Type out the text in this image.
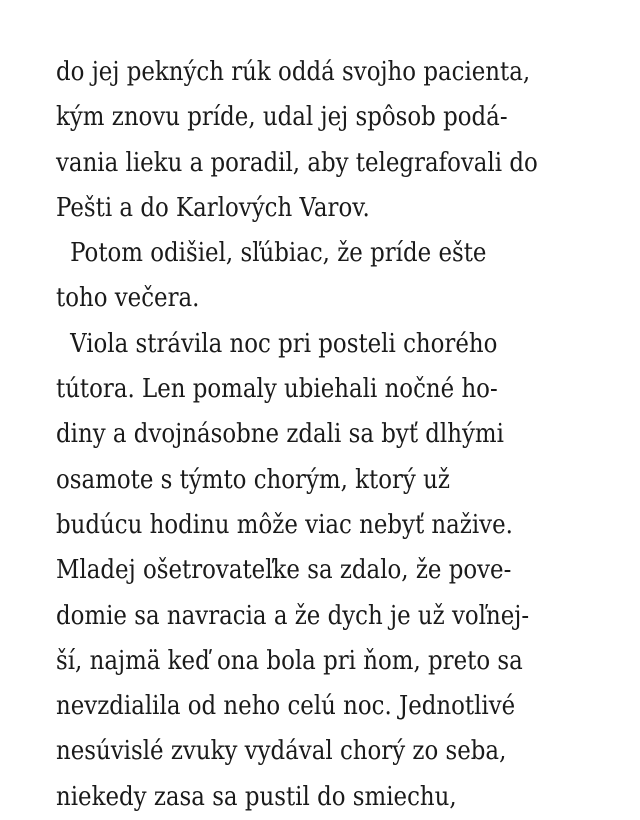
do jej pekných rúk oddá svojho pacienta,
kým znovu príde, udal jej spôsob podá-
vania lieku a poradil, aby telegrafovali do
Pešti a do Karlových Varov.
Potom odišiel, sľúbiac, že príde ešte
toho večera.
Viola strávila noc pri posteli chorého
tútora. Len pomaly ubiehali nočné ho-
diny a dvojnásobne zdali sa byť dlhými
osamote s týmto chorým, ktorý už
budúcu hodinu môže viac nebyť nažive.
Mladej ošetrovateľke sa zdalo, že pove-
domie sa navracia a že dych je už voľnej-
ší, najmä keď ona bola pri ňom, preto sa
nevzdialila od neho celú noc. Jednotlivé
nesúvislé zvuky vydával chorý zo seba,
niekedy zasa sa pustil do smiechu,
